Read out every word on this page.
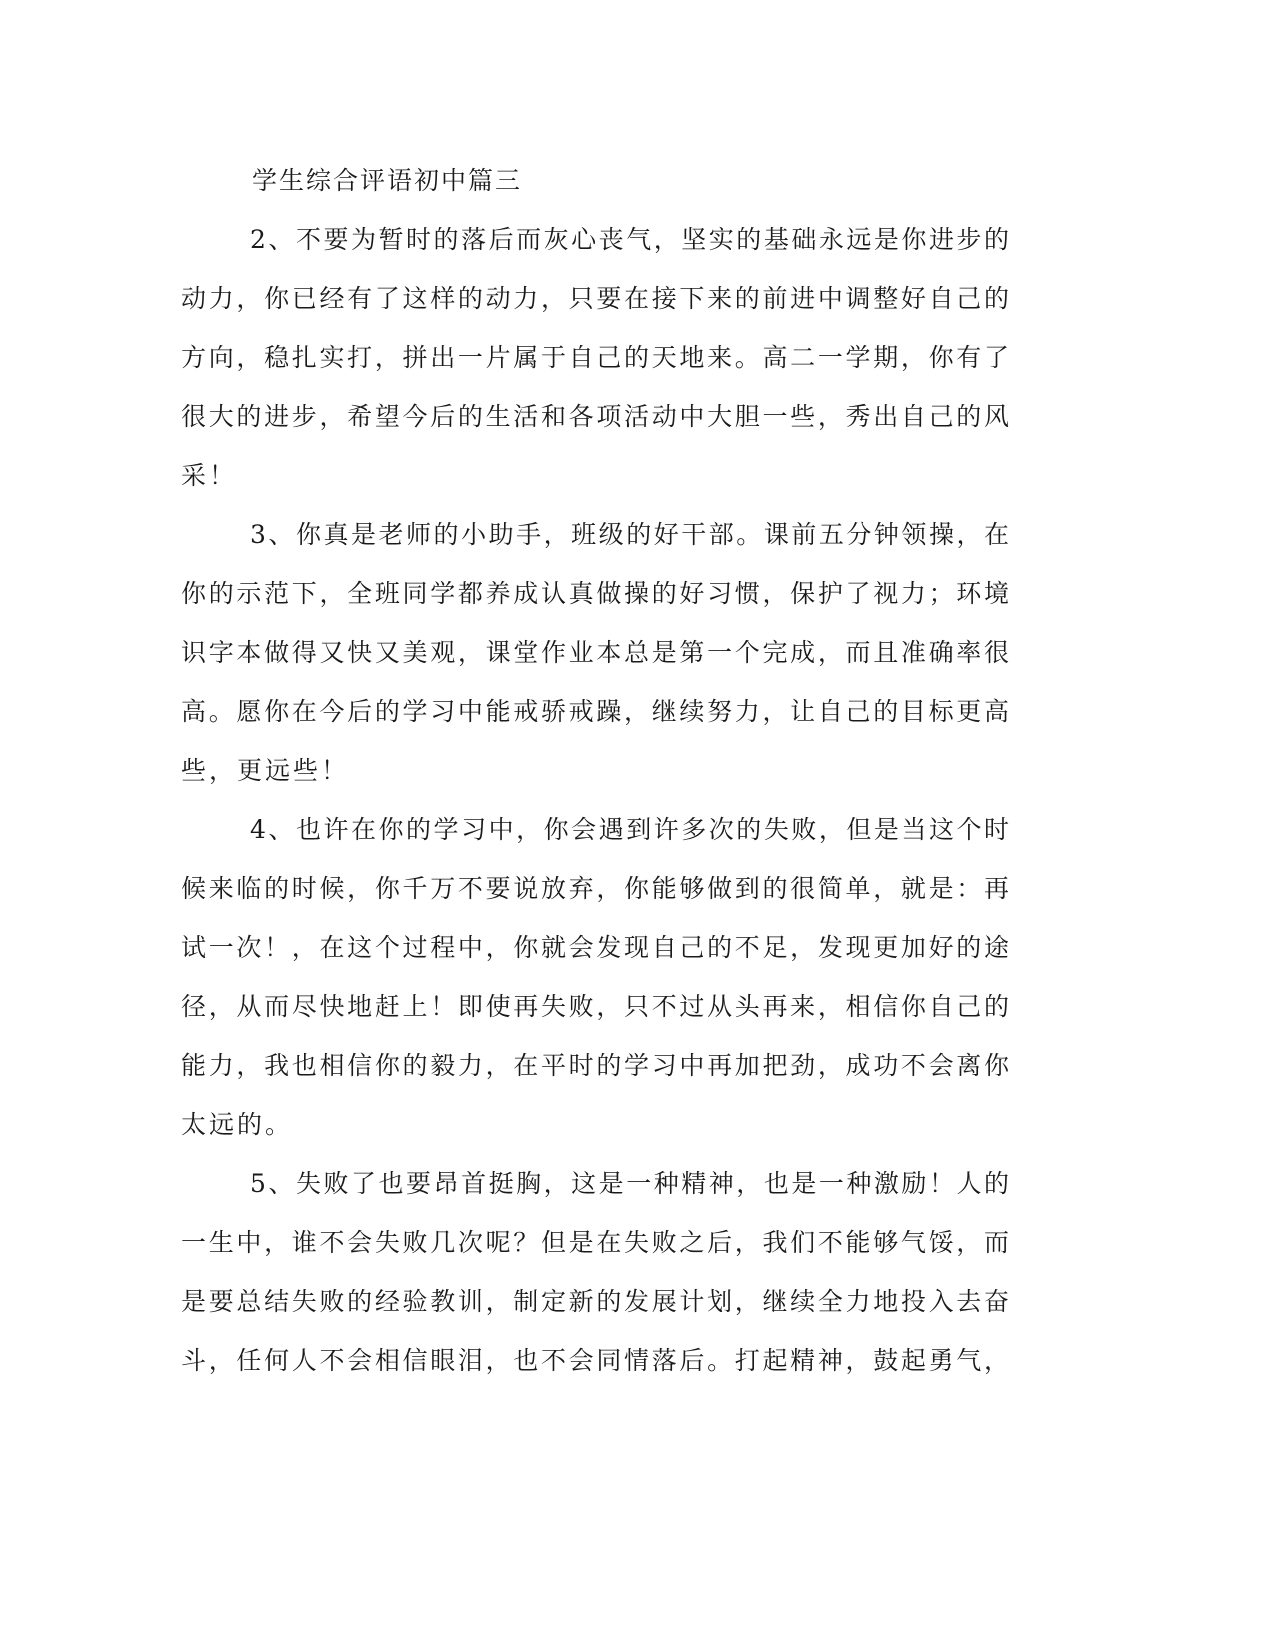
学生综合评语初中篇三
2、不要为暂时的落后而灰心丧气，坚实的基础永远是你进步的
动力，你已经有了这样的动力，只要在接下来的前进中调整好自己的
方向，稳扎实打，拼出一片属于自己的天地来。高二一学期，你有了
很大的进步，希望今后的生活和各项活动中大胆一些，秀出自己的风
采！
3、你真是老师的小助手，班级的好干部。课前五分钟领操，在
你的示范下，全班同学都养成认真做操的好习惯，保护了视力；环境
识字本做得又快又美观，课堂作业本总是第一个完成，而且准确率很
高。愿你在今后的学习中能戒骄戒躁，继续努力，让自己的目标更高
些，更远些！
4、也许在你的学习中，你会遇到许多次的失败，但是当这个时
候来临的时候，你千万不要说放弃，你能够做到的很简单，就是：再
试一次！，在这个过程中，你就会发现自己的不足，发现更加好的途
径，从而尽快地赶上！即使再失败，只不过从头再来，相信你自己的
能力，我也相信你的毅力，在平时的学习中再加把劲，成功不会离你
太远的。
5、失败了也要昂首挺胸，这是一种精神，也是一种激励！人的
一生中，谁不会失败几次呢？但是在失败之后，我们不能够气馁，而
是要总结失败的经验教训，制定新的发展计划，继续全力地投入去奋
斗，任何人不会相信眼泪，也不会同情落后。打起精神，鼓起勇气，
